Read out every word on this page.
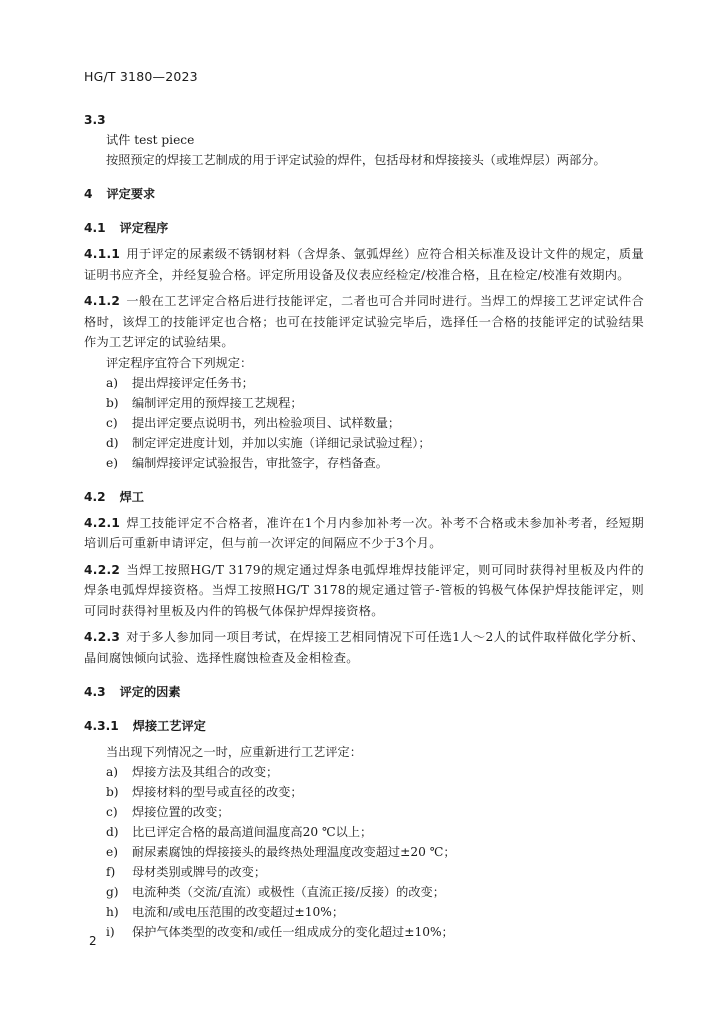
HG/T 3180—2023
3.3
试件 test piece
按照预定的焊接工艺制成的用于评定试验的焊件，包括母材和焊接接头（或堆焊层）两部分。
4 评定要求
4.1 评定程序
4.1.1 用于评定的尿素级不锈钢材料（含焊条、氩弧焊丝）应符合相关标准及设计文件的规定，质量证明书应齐全，并经复验合格。评定所用设备及仪表应经检定/校准合格，且在检定/校准有效期内。
4.1.2 一般在工艺评定合格后进行技能评定，二者也可合并同时进行。当焊工的焊接工艺评定试件合格时，该焊工的技能评定也合格；也可在技能评定试验完毕后，选择任一合格的技能评定的试验结果作为工艺评定的试验结果。
评定程序宜符合下列规定：
a) 提出焊接评定任务书；
b) 编制评定用的预焊接工艺规程；
c) 提出评定要点说明书，列出检验项目、试样数量；
d) 制定评定进度计划，并加以实施（详细记录试验过程）；
e) 编制焊接评定试验报告，审批签字，存档备查。
4.2 焊工
4.2.1 焊工技能评定不合格者，准许在1个月内参加补考一次。补考不合格或未参加补考者，经短期培训后可重新申请评定，但与前一次评定的间隔应不少于3个月。
4.2.2 当焊工按照HG/T 3179的规定通过焊条电弧焊堆焊技能评定，则可同时获得衬里板及内件的焊条电弧焊焊接资格。当焊工按照HG/T 3178的规定通过管子-管板的钨极气体保护焊技能评定，则可同时获得衬里板及内件的钨极气体保护焊焊接资格。
4.2.3 对于多人参加同一项目考试，在焊接工艺相同情况下可任选1人～2人的试件取样做化学分析、晶间腐蚀倾向试验、选择性腐蚀检查及金相检查。
4.3 评定的因素
4.3.1 焊接工艺评定
当出现下列情况之一时，应重新进行工艺评定：
a) 焊接方法及其组合的改变；
b) 焊接材料的型号或直径的改变；
c) 焊接位置的改变；
d) 比已评定合格的最高道间温度高20 ℃以上；
e) 耐尿素腐蚀的焊接接头的最终热处理温度改变超过±20 ℃；
f) 母材类别或牌号的改变；
g) 电流种类（交流/直流）或极性（直流正接/反接）的改变；
h) 电流和/或电压范围的改变超过±10%；
i) 保护气体类型的改变和/或任一组成成分的变化超过±10%；
2
